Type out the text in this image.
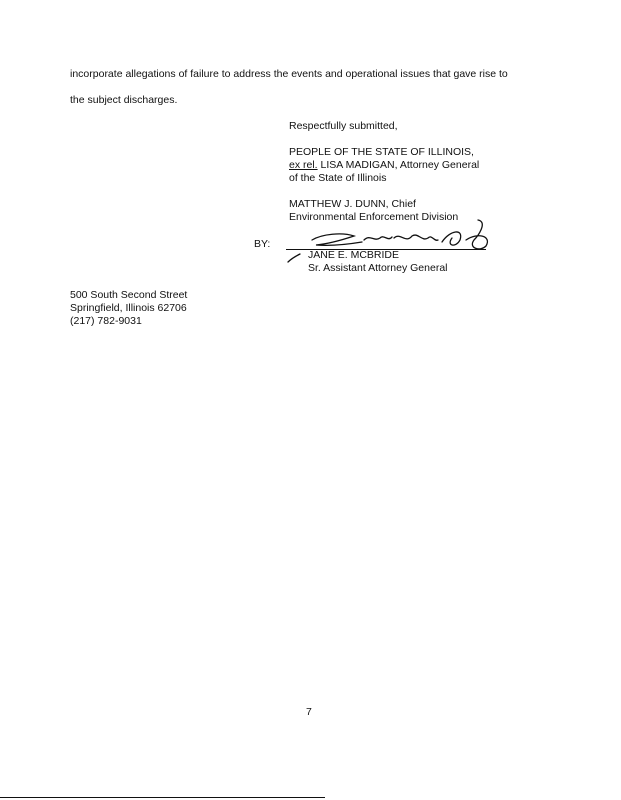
incorporate allegations of failure to address the events and operational issues that gave rise to
the subject discharges.
Respectfully submitted,
PEOPLE OF THE STATE OF ILLINOIS,
ex rel. LISA MADIGAN, Attorney General
of the State of Illinois
MATTHEW J. DUNN, Chief
Environmental Enforcement Division
BY:
JANE E. MCBRIDE
Sr. Assistant Attorney General
500 South Second Street
Springfield, Illinois 62706
(217) 782-9031
7
